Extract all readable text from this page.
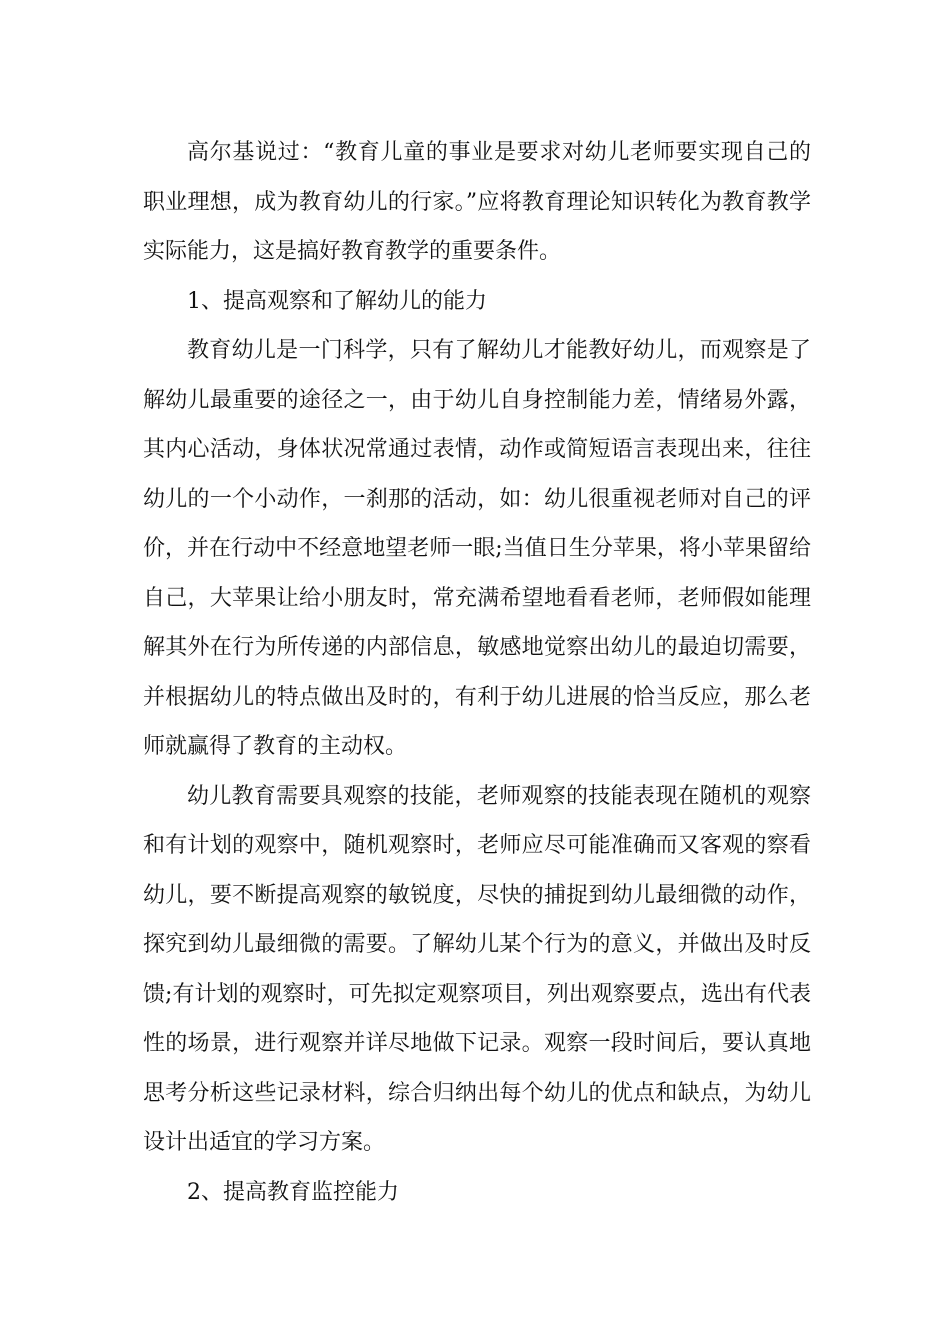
高尔基说过：“教育儿童的事业是要求对幼儿老师要实现自己的职业理想，成为教育幼儿的行家。”应将教育理论知识转化为教育教学实际能力，这是搞好教育教学的重要条件。

1、提高观察和了解幼儿的能力

教育幼儿是一门科学，只有了解幼儿才能教好幼儿，而观察是了解幼儿最重要的途径之一，由于幼儿自身控制能力差，情绪易外露，其内心活动，身体状况常通过表情，动作或简短语言表现出来，往往幼儿的一个小动作，一刹那的活动，如：幼儿很重视老师对自己的评价，并在行动中不经意地望老师一眼;当值日生分苹果，将小苹果留给自己，大苹果让给小朋友时，常充满希望地看看老师，老师假如能理解其外在行为所传递的内部信息，敏感地觉察出幼儿的最迫切需要，并根据幼儿的特点做出及时的，有利于幼儿进展的恰当反应，那么老师就赢得了教育的主动权。

幼儿教育需要具观察的技能，老师观察的技能表现在随机的观察和有计划的观察中，随机观察时，老师应尽可能准确而又客观的察看幼儿，要不断提高观察的敏锐度，尽快的捕捉到幼儿最细微的动作，探究到幼儿最细微的需要。了解幼儿某个行为的意义，并做出及时反馈;有计划的观察时，可先拟定观察项目，列出观察要点，选出有代表性的场景，进行观察并详尽地做下记录。观察一段时间后，要认真地思考分析这些记录材料，综合归纳出每个幼儿的优点和缺点，为幼儿设计出适宜的学习方案。

2、提高教育监控能力
